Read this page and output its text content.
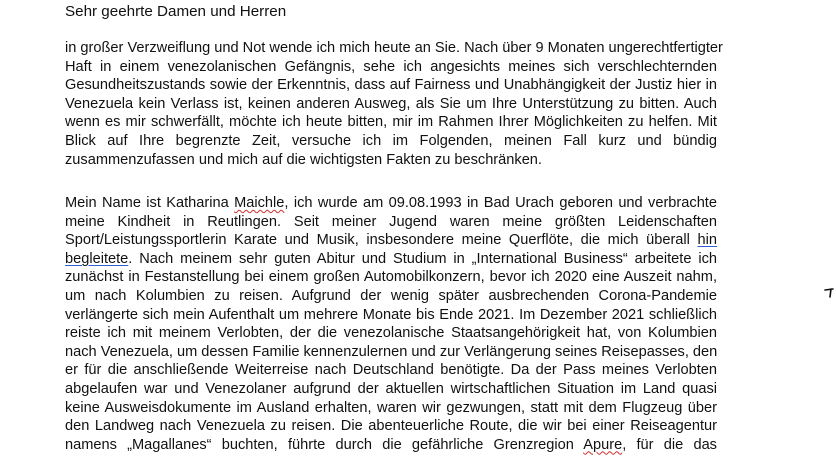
Sehr geehrte Damen und Herren
in großer Verzweiflung und Not wende ich mich heute an Sie. Nach über 9 Monaten ungerechtfertigter
Haft in einem venezolanischen Gefängnis, sehe ich angesichts meines sich verschlechternden
Gesundheitszustands sowie der Erkenntnis, dass auf Fairness und Unabhängigkeit der Justiz hier in
Venezuela kein Verlass ist, keinen anderen Ausweg, als Sie um Ihre Unterstützung zu bitten. Auch
wenn es mir schwerfällt, möchte ich heute bitten, mir im Rahmen Ihrer Möglichkeiten zu helfen. Mit
Blick auf Ihre begrenzte Zeit, versuche ich im Folgenden, meinen Fall kurz und bündig
zusammenzufassen und mich auf die wichtigsten Fakten zu beschränken.
Mein Name ist Katharina Maichle, ich wurde am 09.08.1993 in Bad Urach geboren und verbrachte
meine Kindheit in Reutlingen. Seit meiner Jugend waren meine größten Leidenschaften
Sport/Leistungssportlerin Karate und Musik, insbesondere meine Querflöte, die mich überall hin
begleitete. Nach meinem sehr guten Abitur und Studium in „International Business“ arbeitete ich
zunächst in Festanstellung bei einem großen Automobilkonzern, bevor ich 2020 eine Auszeit nahm,
um nach Kolumbien zu reisen. Aufgrund der wenig später ausbrechenden Corona-Pandemie
verlängerte sich mein Aufenthalt um mehrere Monate bis Ende 2021. Im Dezember 2021 schließlich
reiste ich mit meinem Verlobten, der die venezolanische Staatsangehörigkeit hat, von Kolumbien
nach Venezuela, um dessen Familie kennenzulernen und zur Verlängerung seines Reisepasses, den
er für die anschließende Weiterreise nach Deutschland benötigte. Da der Pass meines Verlobten
abgelaufen war und Venezolaner aufgrund der aktuellen wirtschaftlichen Situation im Land quasi
keine Ausweisdokumente im Ausland erhalten, waren wir gezwungen, statt mit dem Flugzeug über
den Landweg nach Venezuela zu reisen. Die abenteuerliche Route, die wir bei einer Reiseagentur
namens „Magallanes“ buchten, führte durch die gefährliche Grenzregion Apure, für die das
